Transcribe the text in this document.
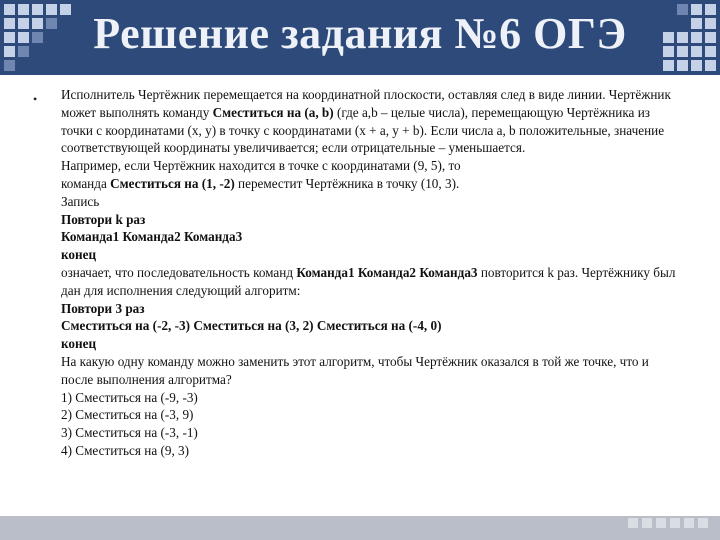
Решение задания №6 ОГЭ
• Исполнитель Чертёжник перемещается на координатной плоскости, оставляя след в виде линии. Чертёжник может выполнять команду Сместиться на (a, b) (где a,b – целые числа), перемещающую Чертёжника из точки с координатами (x, y) в точку с координатами (x + a, y + b). Если числа a, b положительные, значение соответствующей координаты увеличивается; если отрицательные – уменьшается.
Например, если Чертёжник находится в точке с координатами (9, 5), то
команда Сместиться на (1, -2) переместит Чертёжника в точку (10, 3).
Запись
Повтори k раз
Команда1 Команда2 Команда3
конец
означает, что последовательность команд Команда1 Команда2 Команда3 повторится k раз. Чертёжнику был дан для исполнения следующий алгоритм:
Повтори 3 раз
Сместиться на (-2, -3) Сместиться на (3, 2) Сместиться на (-4, 0)
конец
На какую одну команду можно заменить этот алгоритм, чтобы Чертёжник оказался в той же точке, что и после выполнения алгоритма?
1) Сместиться на (-9, -3)
2) Сместиться на (-3, 9)
3) Сместиться на (-3, -1)
4) Сместиться на (9, 3)
